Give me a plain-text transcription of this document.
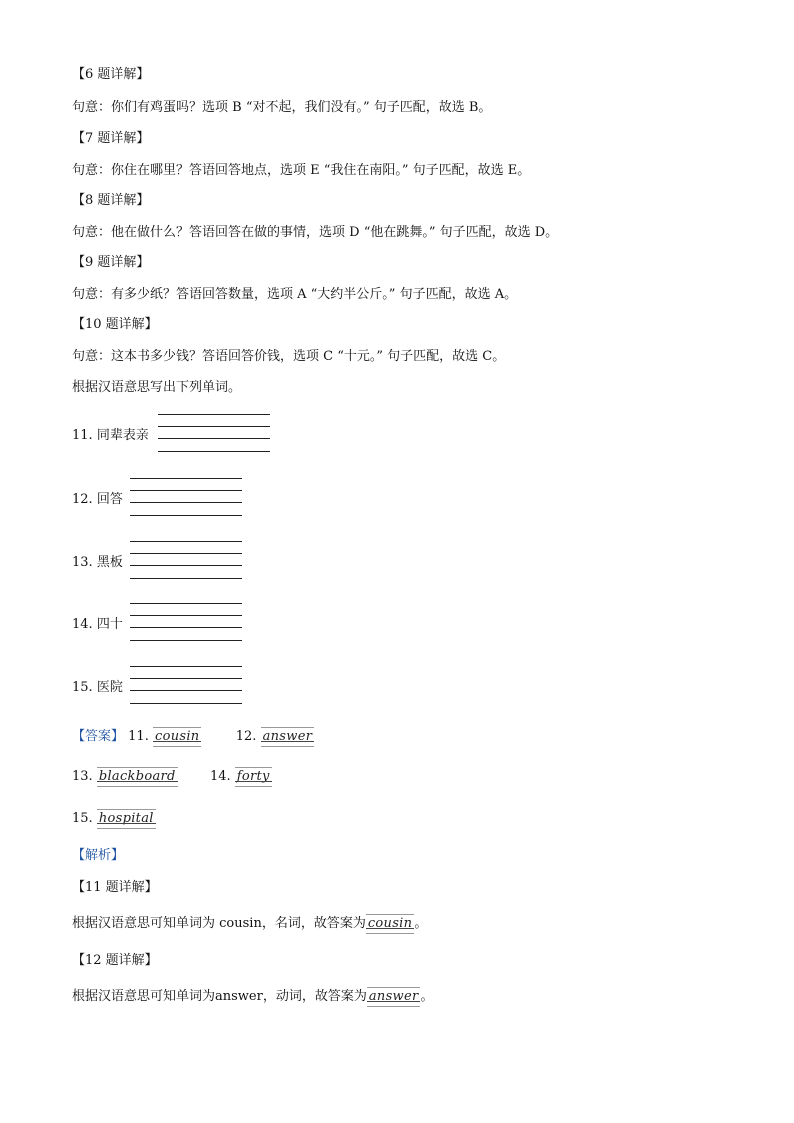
【6 题详解】
句意：你们有鸡蛋吗？选项 B “对不起，我们没有。” 句子匹配，故选 B。
【7 题详解】
句意：你住在哪里？答语回答地点，选项 E “我住在南阳。” 句子匹配，故选 E。
【8 题详解】
句意：他在做什么？答语回答在做的事情，选项 D “他在跳舞。” 句子匹配，故选 D。
【9 题详解】
句意：有多少纸？答语回答数量，选项 A “大约半公斤。” 句子匹配，故选 A。
【10 题详解】
句意：这本书多少钱？答语回答价钱，选项 C “十元。” 句子匹配，故选 C。
根据汉语意思写出下列单词。
11. 同辈表亲
12. 回答
13. 黑板
14. 四十
15. 医院
【答案】 11. cousin	12. answer
13. blackboard	14. forty
15. hospital
【解析】
【11 题详解】
根据汉语意思可知单词为 cousin，名词，故答案为 cousin 。
【12 题详解】
根据汉语意思可知单词为answer，动词，故答案为 answer 。
